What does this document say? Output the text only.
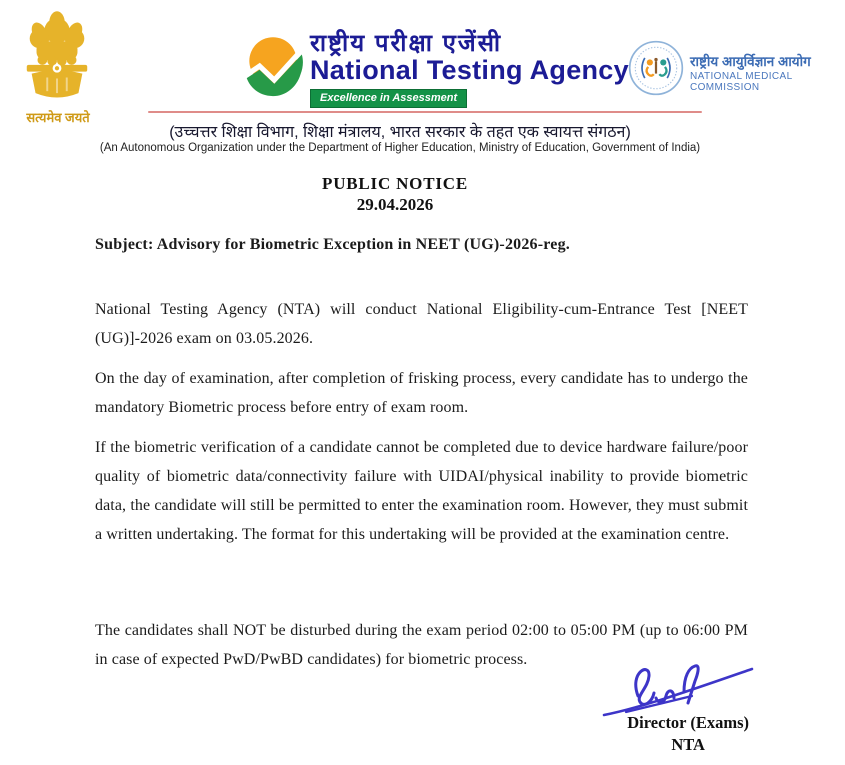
सत्यमेव जयते
राष्ट्रीय परीक्षा एजेंसी
National Testing Agency
Excellence in Assessment
राष्ट्रीय आयुर्विज्ञान आयोग
NATIONAL MEDICAL COMMISSION
(उच्चत्तर शिक्षा विभाग, शिक्षा मंत्रालय, भारत सरकार के तहत एक स्वायत्त संगठन)
(An Autonomous Organization under the Department of Higher Education, Ministry of Education, Government of India)
PUBLIC NOTICE
29.04.2026
Subject: Advisory for Biometric Exception in NEET (UG)-2026-reg.
National Testing Agency (NTA) will conduct National Eligibility-cum-Entrance Test [NEET (UG)]-2026 exam on 03.05.2026.
On the day of examination, after completion of frisking process, every candidate has to undergo the mandatory Biometric process before entry of exam room.
If the biometric verification of a candidate cannot be completed due to device hardware failure/poor quality of biometric data/connectivity failure with UIDAI/physical inability to provide biometric data, the candidate will still be permitted to enter the examination room. However, they must submit a written undertaking. The format for this undertaking will be provided at the examination centre.
The candidates shall NOT be disturbed during the exam period 02:00 to 05:00 PM (up to 06:00 PM in case of expected PwD/PwBD candidates) for biometric process.
Director (Exams)
NTA
